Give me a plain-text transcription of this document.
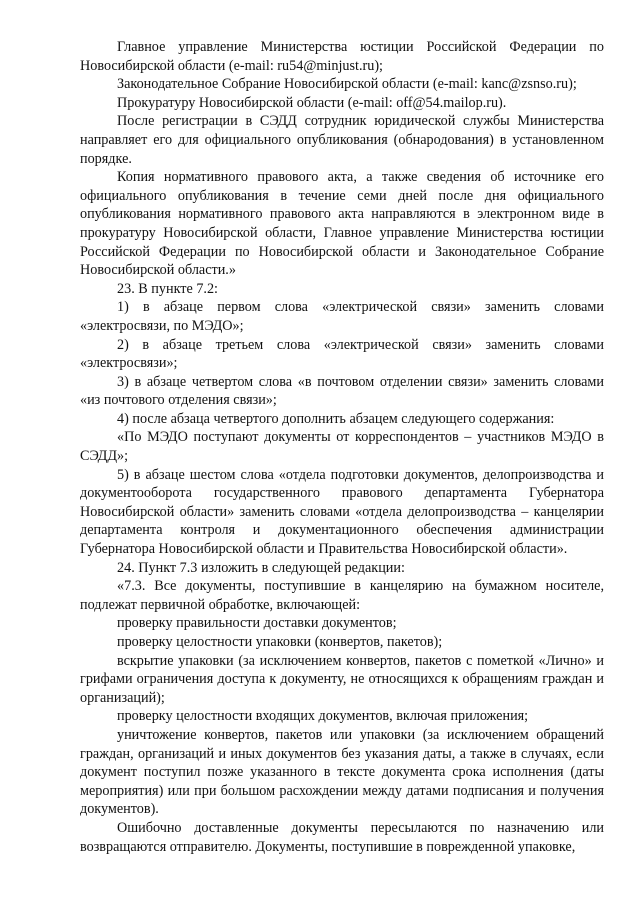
Главное управление Министерства юстиции Российской Федерации по Новосибирской области (e-mail: ru54@minjust.ru);

Законодательное Собрание Новосибирской области (e-mail: kanc@zsnso.ru);

Прокуратуру Новосибирской области (e-mail: off@54.mailop.ru).

После регистрации в СЭДД сотрудник юридической службы Министерства направляет его для официального опубликования (обнародования) в установленном порядке.

Копия нормативного правового акта, а также сведения об источнике его официального опубликования в течение семи дней после дня официального опубликования нормативного правового акта направляются в электронном виде в прокуратуру Новосибирской области, Главное управление Министерства юстиции Российской Федерации по Новосибирской области и Законодательное Собрание Новосибирской области.»

23. В пункте 7.2:

1) в абзаце первом слова «электрической связи» заменить словами «электросвязи, по МЭДО»;

2) в абзаце третьем слова «электрической связи» заменить словами «электросвязи»;

3) в абзаце четвертом слова «в почтовом отделении связи» заменить словами «из почтового отделения связи»;

4) после абзаца четвертого дополнить абзацем следующего содержания:

«По МЭДО поступают документы от корреспондентов – участников МЭДО в СЭДД»;

5) в абзаце шестом слова «отдела подготовки документов, делопроизводства и документооборота государственного правового департамента Губернатора Новосибирской области» заменить словами «отдела делопроизводства – канцелярии департамента контроля и документационного обеспечения администрации Губернатора Новосибирской области и Правительства Новосибирской области».

24. Пункт 7.3 изложить в следующей редакции:

«7.3. Все документы, поступившие в канцелярию на бумажном носителе, подлежат первичной обработке, включающей:

проверку правильности доставки документов;

проверку целостности упаковки (конвертов, пакетов);

вскрытие упаковки (за исключением конвертов, пакетов с пометкой «Лично» и грифами ограничения доступа к документу, не относящихся к обращениям граждан и организаций);

проверку целостности входящих документов, включая приложения;

уничтожение конвертов, пакетов или упаковки (за исключением обращений граждан, организаций и иных документов без указания даты, а также в случаях, если документ поступил позже указанного в тексте документа срока исполнения (даты мероприятия) или при большом расхождении между датами подписания и получения документов).

Ошибочно доставленные документы пересылаются по назначению или возвращаются отправителю. Документы, поступившие в поврежденной упаковке,
